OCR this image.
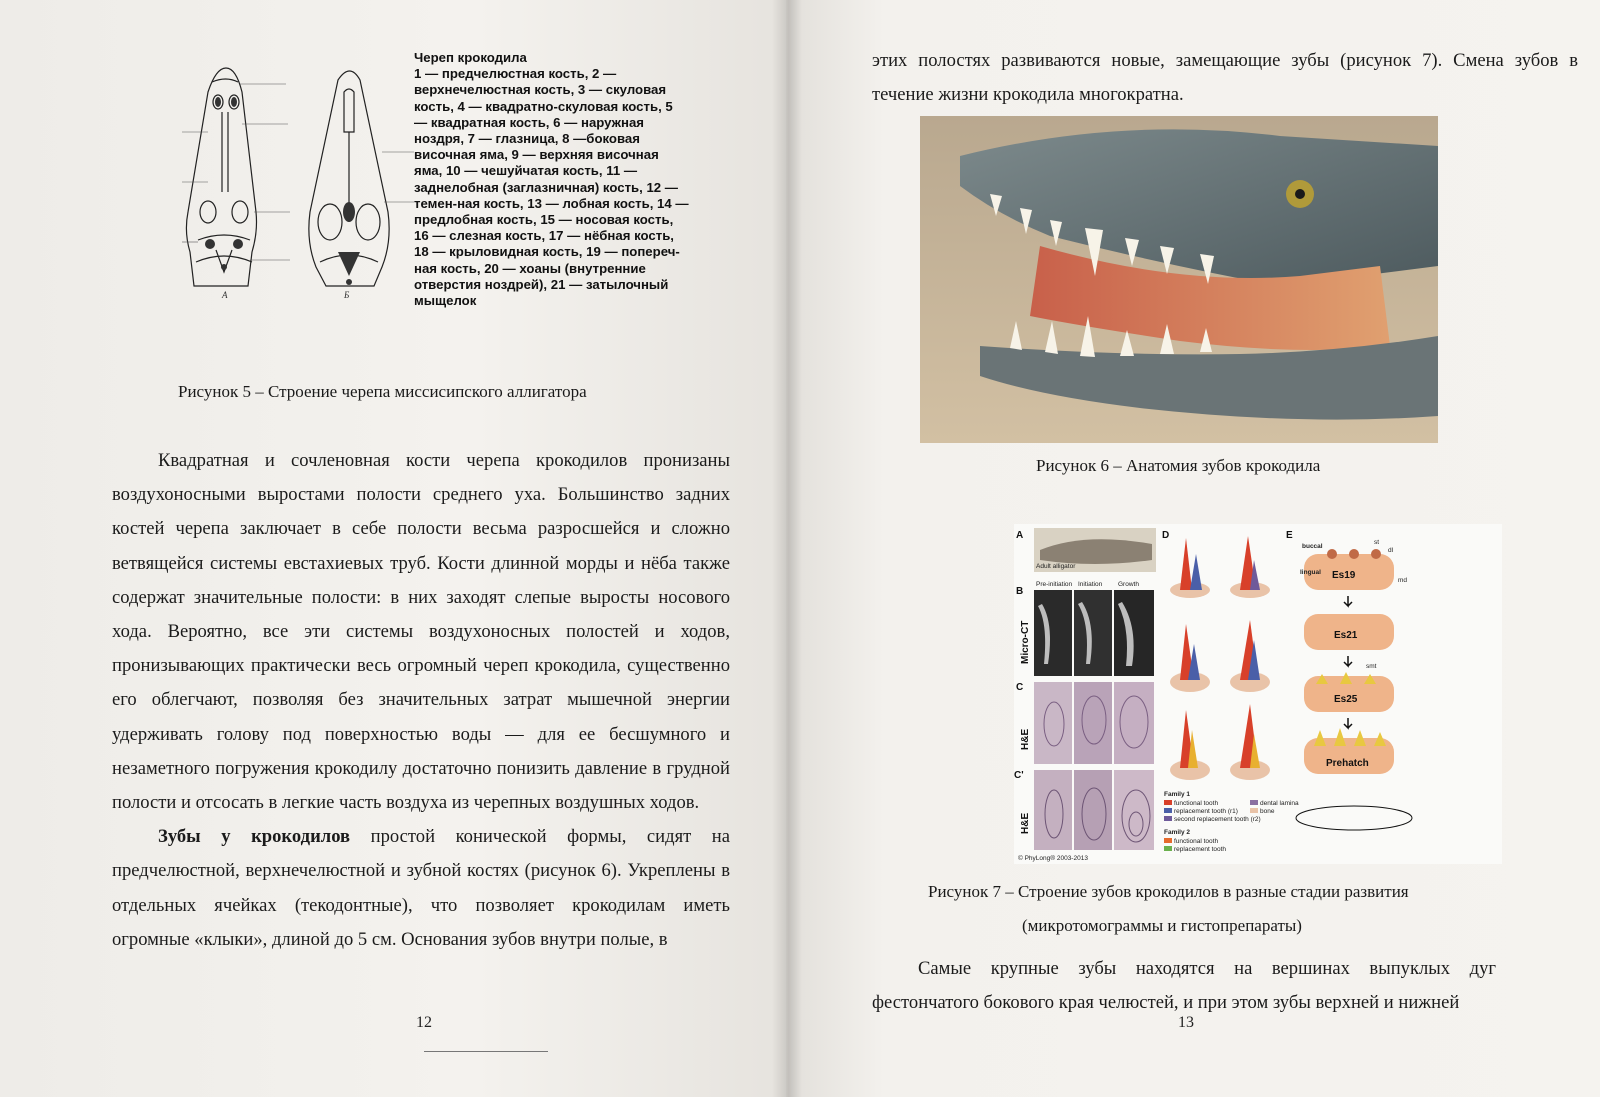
А	Б
Череп крокодила
1 — предчелюстная кость, 2 — верхнечелюстная кость, 3 — скуловая кость, 4 — квадратно-скуловая кость, 5 — квадратная кость, 6 — наружная ноздря, 7 — глазница, 8 —боковая височная яма, 9 — верхняя височная яма, 10 — чешуйчатая кость, 11 — заднелобная (заглазничная) кость, 12 — темен-ная кость, 13 — лобная кость, 14 — предлобная кость, 15 — носовая кость, 16 — слезная кость, 17 — нёбная кость, 18 — крыловидная кость, 19 — попереч-ная кость, 20 — хоаны (внутренние отверстия ноздрей), 21 — затылочный мыщелок
Рисунок 5 – Строение черепа миссисипского аллигатора

Квадратная и сочленовная кости черепа крокодилов пронизаны воздухоносными выростами полости среднего уха. Большинство задних костей черепа заключает в себе полости весьма разросшейся и сложно ветвящейся системы евстахиевых труб. Кости длинной морды и нёба также содержат значительные полости: в них заходят слепые выросты носового хода. Вероятно, все эти системы воздухоносных полостей и ходов, пронизывающих практически весь огромный череп крокодила, существенно его облегчают, позволяя без значительных затрат мышечной энергии удерживать голову под поверхностью воды — для ее бесшумного и незаметного погружения крокодилу достаточно понизить давление в грудной полости и отсосать в легкие часть воздуха из черепных воздушных ходов.

Зубы у крокодилов простой конической формы, сидят на предчелюстной, верхнечелюстной и зубной костях (рисунок 6). Укреплены в отдельных ячейках (текодонтные), что позволяет крокодилам иметь огромные «клыки», длиной до 5 см. Основания зубов внутри полые, в

12

этих полостях развиваются новые, замещающие зубы (рисунок 7). Смена зубов в течение жизни крокодила многократна.

Рисунок 6 – Анатомия зубов крокодила
A
Adult alligator
B
Pre-initiation Initiation Growth
Micro-CT
C
H&E
C'
H&E
© PhyLong® 2003-2013
D
Family 1
functional tooth
replacement tooth (r1)
second replacement tooth (r2)
dental lamina
bone
Family 2
functional tooth
replacement tooth
E
Es19
buccal
lingual
st
dl
md
Es21
Es25
smt
Prehatch
Рисунок 7 – Строение зубов крокодилов в разные стадии развития
(микротомограммы и гистопрепараты)

Самые крупные зубы находятся на вершинах выпуклых дуг фестончатого бокового края челюстей, и при этом зубы верхней и нижней

13
